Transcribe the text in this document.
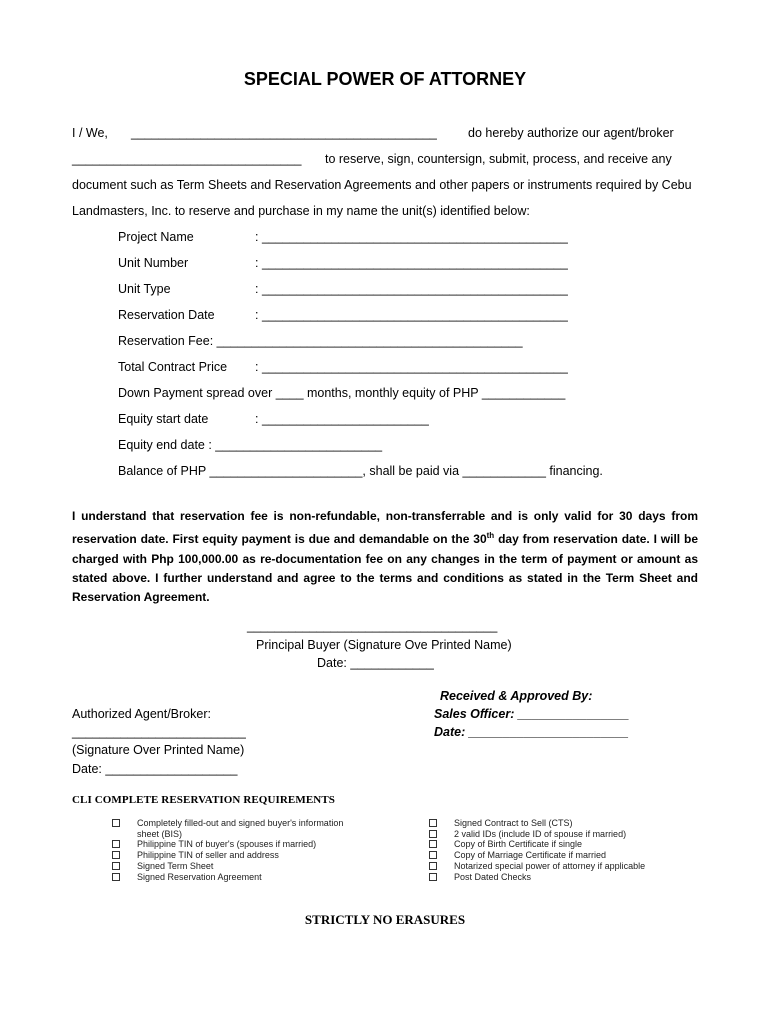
SPECIAL POWER OF ATTORNEY
I / We, ____________________________________________ do hereby authorize our agent/broker
_________________________________ to reserve, sign, countersign, submit, process, and receive any
document such as Term Sheets and Reservation Agreements and other papers or instruments required by Cebu
Landmasters, Inc. to reserve and purchase in my name the unit(s) identified below:
Project Name	: ____________________________________________
Unit Number	: ____________________________________________
Unit Type	: ____________________________________________
Reservation Date	: ____________________________________________
Reservation Fee: ____________________________________________
Total Contract Price : ____________________________________________
Down Payment spread over ____ months, monthly equity of PHP ____________
Equity start date	: ________________________
Equity end date : ________________________
Balance of PHP ______________________, shall be paid via ____________ financing.
I understand that reservation fee is non-refundable, non-transferrable and is only valid for 30 days from reservation date. First equity payment is due and demandable on the 30th day from reservation date. I will be charged with Php 100,000.00 as re-documentation fee on any changes in the term of payment or amount as stated above. I further understand and agree to the terms and conditions as stated in the Term Sheet and Reservation Agreement.
____________________________________
Principal Buyer (Signature Ove Printed Name)
Date: ____________
Authorized Agent/Broker:
_________________________
(Signature Over Printed Name)
Date: ___________________
Received & Approved By:
Sales Officer: ________________
Date: _______________________
CLI COMPLETE RESERVATION REQUIREMENTS
Completely filled-out and signed buyer's information sheet (BIS)
Philippine TIN of buyer's (spouses if married)
Philippine TIN of seller and address
Signed Term Sheet
Signed Reservation Agreement
Signed Contract to Sell (CTS)
2 valid IDs (include ID of spouse if married)
Copy of Birth Certificate if single
Copy of Marriage Certificate if married
Notarized special power of attorney if applicable
Post Dated Checks
STRICTLY NO ERASURES
